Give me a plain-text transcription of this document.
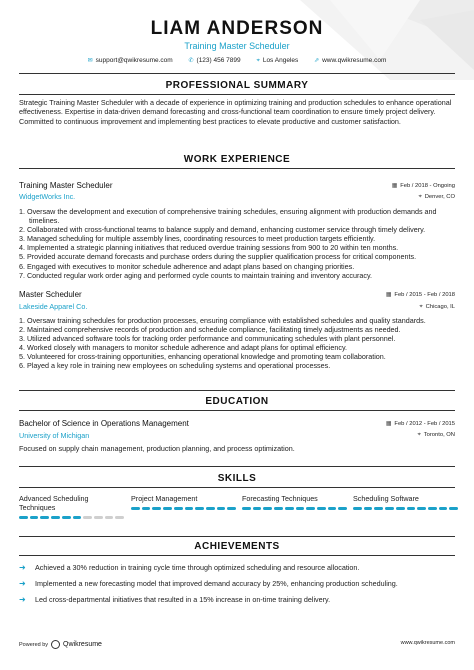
LIAM ANDERSON
Training Master Scheduler
✉ support@qwikresume.com	✆ (123) 456 7899	⌖ Los Angeles	⇗ www.qwikresume.com
PROFESSIONAL SUMMARY
Strategic Training Master Scheduler with a decade of experience in optimizing training and production schedules to enhance operational effectiveness. Expertise in data-driven demand forecasting and cross-functional team coordination to ensure timely project delivery. Committed to continuous improvement and implementing best practices to elevate productive and customer satisfaction.
WORK EXPERIENCE
Training Master Scheduler	▦ Feb / 2018 - Ongoing
WidgetWorks Inc.	⌖ Denver, CO
1. Oversaw the development and execution of comprehensive training schedules, ensuring alignment with production demands and
timelines.
2. Collaborated with cross-functional teams to balance supply and demand, enhancing customer service through timely delivery.
3. Managed scheduling for multiple assembly lines, coordinating resources to meet production targets efficiently.
4. Implemented a strategic planning initiatives that reduced overdue training sessions from 900 to 20 within ten months.
5. Provided accurate demand forecasts and purchase orders during the supplier qualification process for critical components.
6. Engaged with executives to monitor schedule adherence and adapt plans based on changing priorities.
7. Conducted regular work order aging and performed cycle counts to maintain training and inventory accuracy.
Master Scheduler	▦ Feb / 2015 - Feb / 2018
Lakeside Apparel Co.	⌖ Chicago, IL
1. Oversaw training schedules for production processes, ensuring compliance with established schedules and quality standards.
2. Maintained comprehensive records of production and schedule compliance, facilitating timely adjustments as needed.
3. Utilized advanced software tools for tracking order performance and communicating schedules with plant personnel.
4. Worked closely with managers to monitor schedule adherence and adapt plans for optimal efficiency.
5. Volunteered for cross-training opportunities, enhancing operational knowledge and promoting team collaboration.
6. Played a key role in training new employees on scheduling systems and operational processes.
EDUCATION
Bachelor of Science in Operations Management	▦ Feb / 2012 - Feb / 2015
University of Michigan	⌖ Toronto, ON
Focused on supply chain management, production planning, and process optimization.
SKILLS
Advanced Scheduling Techniques
Project Management	Forecasting Techniques	Scheduling Software
ACHIEVEMENTS
➜ Achieved a 30% reduction in training cycle time through optimized scheduling and resource allocation.
➜ Implemented a new forecasting model that improved demand accuracy by 25%, enhancing production scheduling.
➜ Led cross-departmental initiatives that resulted in a 15% increase in on-time training delivery.
Powered by Qwikresume	www.qwikresume.com
